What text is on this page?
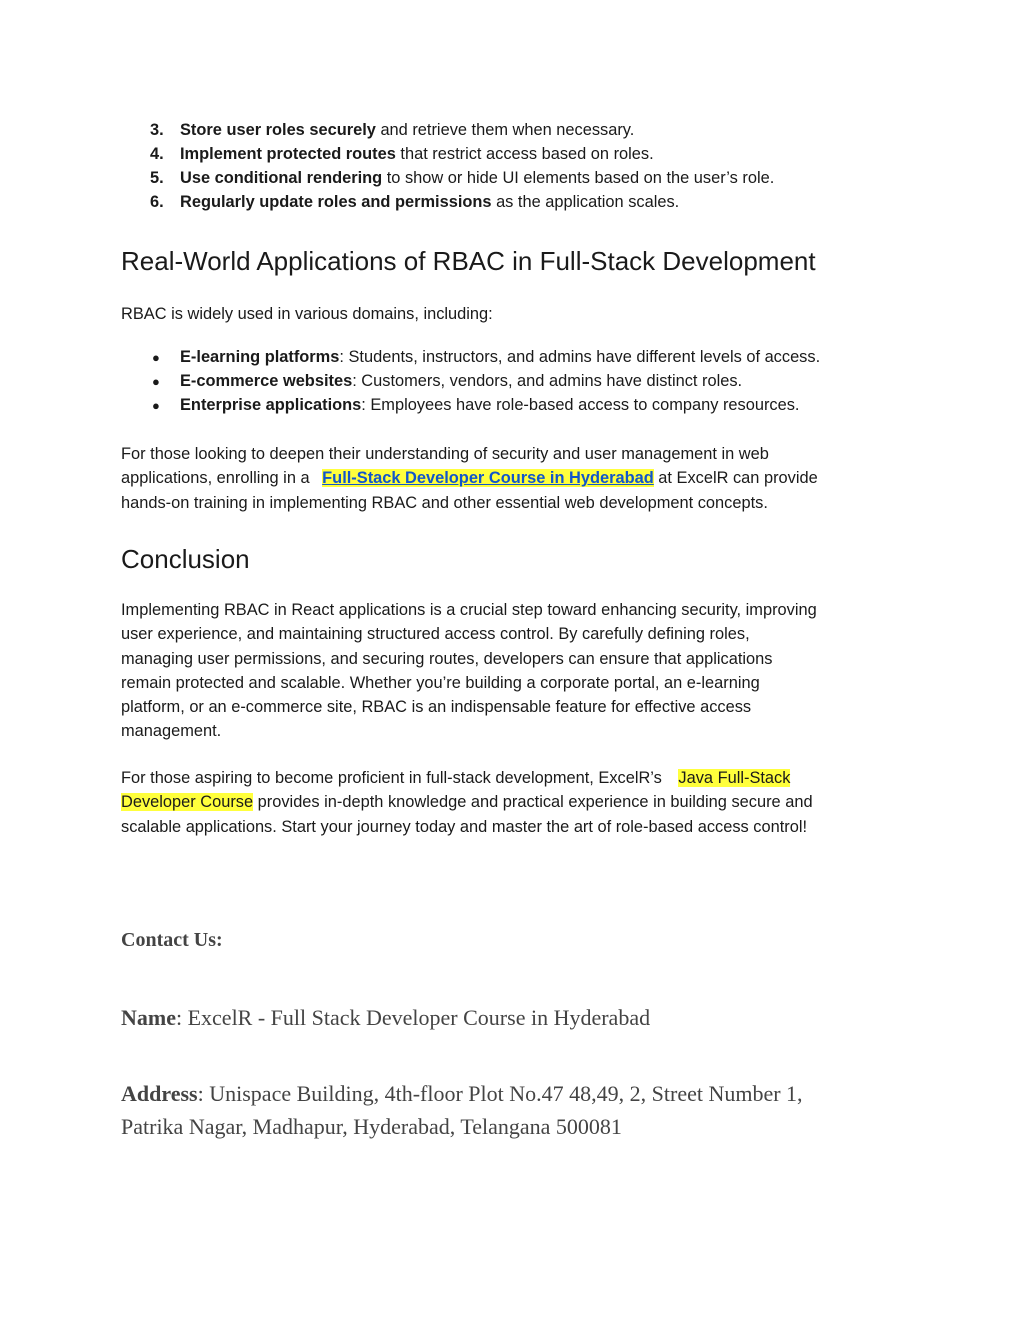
3. Store user roles securely and retrieve them when necessary.
4. Implement protected routes that restrict access based on roles.
5. Use conditional rendering to show or hide UI elements based on the user’s role.
6. Regularly update roles and permissions as the application scales.
Real-World Applications of RBAC in Full-Stack Development
RBAC is widely used in various domains, including:
● E-learning platforms: Students, instructors, and admins have different levels of access.
● E-commerce websites: Customers, vendors, and admins have distinct roles.
● Enterprise applications: Employees have role-based access to company resources.
For those looking to deepen their understanding of security and user management in web
applications, enrolling in a Full-Stack Developer Course in Hyderabad at ExcelR can provide
hands-on training in implementing RBAC and other essential web development concepts.
Conclusion
Implementing RBAC in React applications is a crucial step toward enhancing security, improving
user experience, and maintaining structured access control. By carefully defining roles,
managing user permissions, and securing routes, developers can ensure that applications
remain protected and scalable. Whether you’re building a corporate portal, an e-learning
platform, or an e-commerce site, RBAC is an indispensable feature for effective access
management.
For those aspiring to become proficient in full-stack development, ExcelR’s Java Full-Stack
Developer Course provides in-depth knowledge and practical experience in building secure and
scalable applications. Start your journey today and master the art of role-based access control!
Contact Us:
Name: ExcelR - Full Stack Developer Course in Hyderabad
Address: Unispace Building, 4th-floor Plot No.47 48,49, 2, Street Number 1,
Patrika Nagar, Madhapur, Hyderabad, Telangana 500081
